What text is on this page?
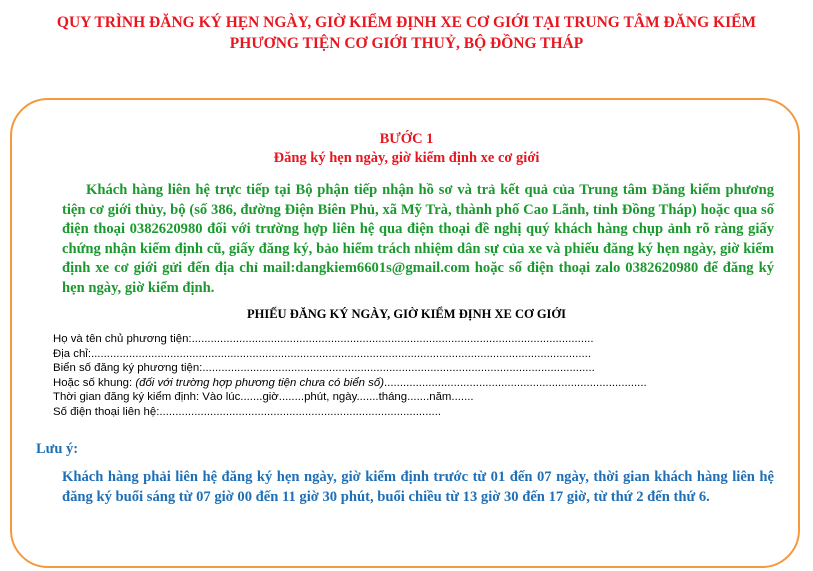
QUY TRÌNH ĐĂNG KÝ HẸN NGÀY, GIỜ KIỂM ĐỊNH XE CƠ GIỚI TẠI TRUNG TÂM ĐĂNG KIỂM
PHƯƠNG TIỆN CƠ GIỚI THUỶ, BỘ ĐỒNG THÁP
BƯỚC 1
Đăng ký hẹn ngày, giờ kiểm định xe cơ giới

Khách hàng liên hệ trực tiếp tại Bộ phận tiếp nhận hồ sơ và trả kết quả của Trung tâm Đăng kiểm phương tiện cơ giới thủy, bộ (số 386, đường Điện Biên Phủ, xã Mỹ Trà, thành phố Cao Lãnh, tỉnh Đồng Tháp) hoặc qua số điện thoại 0382620980 đối với trường hợp liên hệ qua điện thoại đề nghị quý khách hàng chụp ảnh rõ ràng giấy chứng nhận kiểm định cũ, giấy đăng ký, bảo hiểm trách nhiệm dân sự của xe và phiếu đăng ký hẹn ngày, giờ kiểm định xe cơ giới gửi đến địa chỉ mail:dangkiem6601s@gmail.com hoặc số điện thoại zalo 0382620980 để đăng ký hẹn ngày, giờ kiểm định.

PHIẾU ĐĂNG KÝ NGÀY, GIỜ KIỂM ĐỊNH XE CƠ GIỚI
Họ và tên chủ phương tiện:...............................................................................................................................
Địa chỉ:..............................................................................................................................................................
Biển số đăng ký phương tiện:............................................................................................................................
Hoặc số khung: (đối với trường hợp phương tiện chưa có biển số)...................................................................................
Thời gian đăng ký kiểm định: Vào lúc.......giờ........phút, ngày.......tháng.......năm.......
Số điện thoại liên hệ:.........................................................................................
Lưu ý:

Khách hàng phải liên hệ đăng ký hẹn ngày, giờ kiểm định trước từ 01 đến 07 ngày, thời gian khách hàng liên hệ đăng ký buổi sáng từ 07 giờ 00 đến 11 giờ 30 phút, buổi chiều từ 13 giờ 30 đến 17 giờ, từ thứ 2 đến thứ 6.
